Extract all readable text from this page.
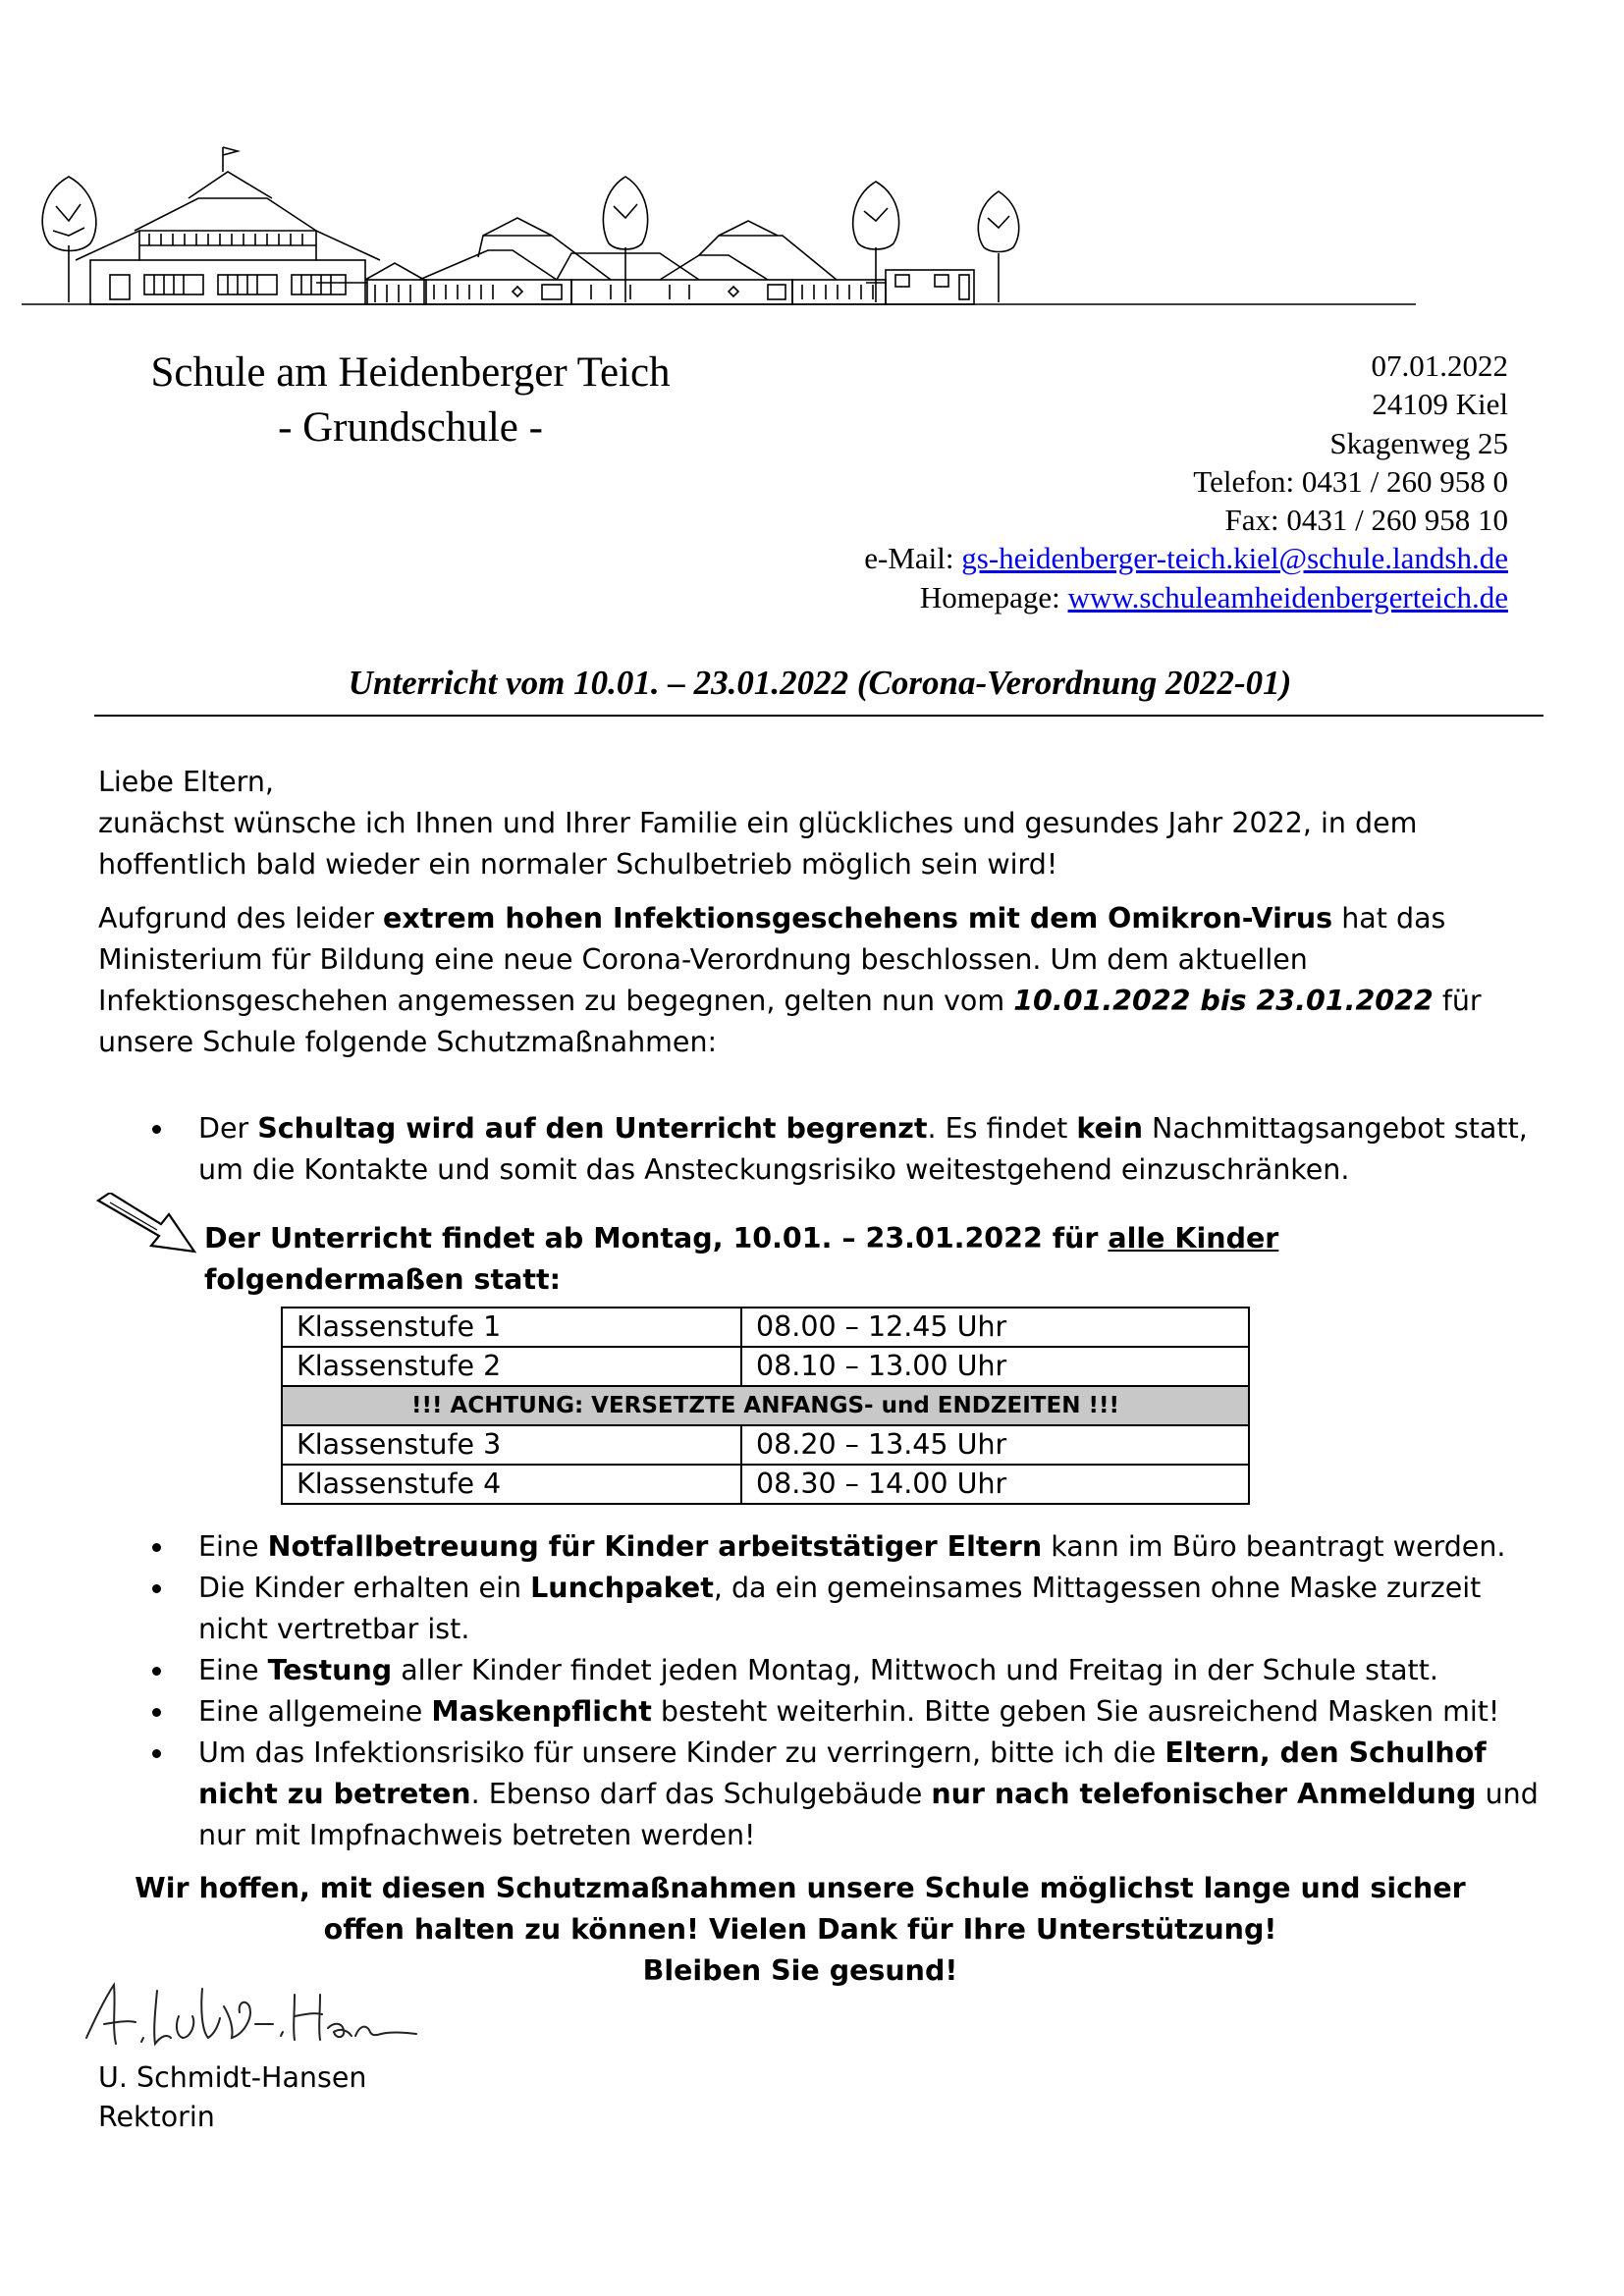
Schule am Heidenberger Teich
- Grundschule -
07.01.2022
24109 Kiel
Skagenweg 25
Telefon: 0431 / 260 958 0
Fax: 0431 / 260 958 10
e-Mail: gs-heidenberger-teich.kiel@schule.landsh.de
Homepage: www.schuleamheidenbergerteich.de
Unterricht vom 10.01. – 23.01.2022 (Corona-Verordnung 2022-01)

Liebe Eltern,

zunächst wünsche ich Ihnen und Ihrer Familie ein glückliches und gesundes Jahr 2022, in dem hoffentlich bald wieder ein normaler Schulbetrieb möglich sein wird!

Aufgrund des leider extrem hohen Infektionsgeschehens mit dem Omikron-Virus hat das Ministerium für Bildung eine neue Corona-Verordnung beschlossen. Um dem aktuellen Infektionsgeschehen angemessen zu begegnen, gelten nun vom 10.01.2022 bis 23.01.2022 für unsere Schule folgende Schutzmaßnahmen:

Der Schultag wird auf den Unterricht begrenzt. Es findet kein Nachmittagsangebot statt, um die Kontakte und somit das Ansteckungsrisiko weitestgehend einzuschränken.
Der Unterricht findet ab Montag, 10.01. – 23.01.2022 für alle Kinder folgendermaßen statt:
Klassenstufe 1	08.00 – 12.45 Uhr
Klassenstufe 2	08.10 – 13.00 Uhr
!!! ACHTUNG: VERSETZTE ANFANGS- und ENDZEITEN !!!	
Klassenstufe 3	08.20 – 13.45 Uhr
Klassenstufe 4	08.30 – 14.00 Uhr
Eine Notfallbetreuung für Kinder arbeitstätiger Eltern kann im Büro beantragt werden.
Die Kinder erhalten ein Lunchpaket, da ein gemeinsames Mittagessen ohne Maske zurzeit nicht vertretbar ist.
Eine Testung aller Kinder findet jeden Montag, Mittwoch und Freitag in der Schule statt.
Eine allgemeine Maskenpflicht besteht weiterhin. Bitte geben Sie ausreichend Masken mit!
Um das Infektionsrisiko für unsere Kinder zu verringern, bitte ich die Eltern, den Schulhof nicht zu betreten. Ebenso darf das Schulgebäude nur nach telefonischer Anmeldung und nur mit Impfnachweis betreten werden!
Wir hoffen, mit diesen Schutzmaßnahmen unsere Schule möglichst lange und sicher
offen halten zu können! Vielen Dank für Ihre Unterstützung!
Bleiben Sie gesund!
U. Schmidt-Hansen
Rektorin
